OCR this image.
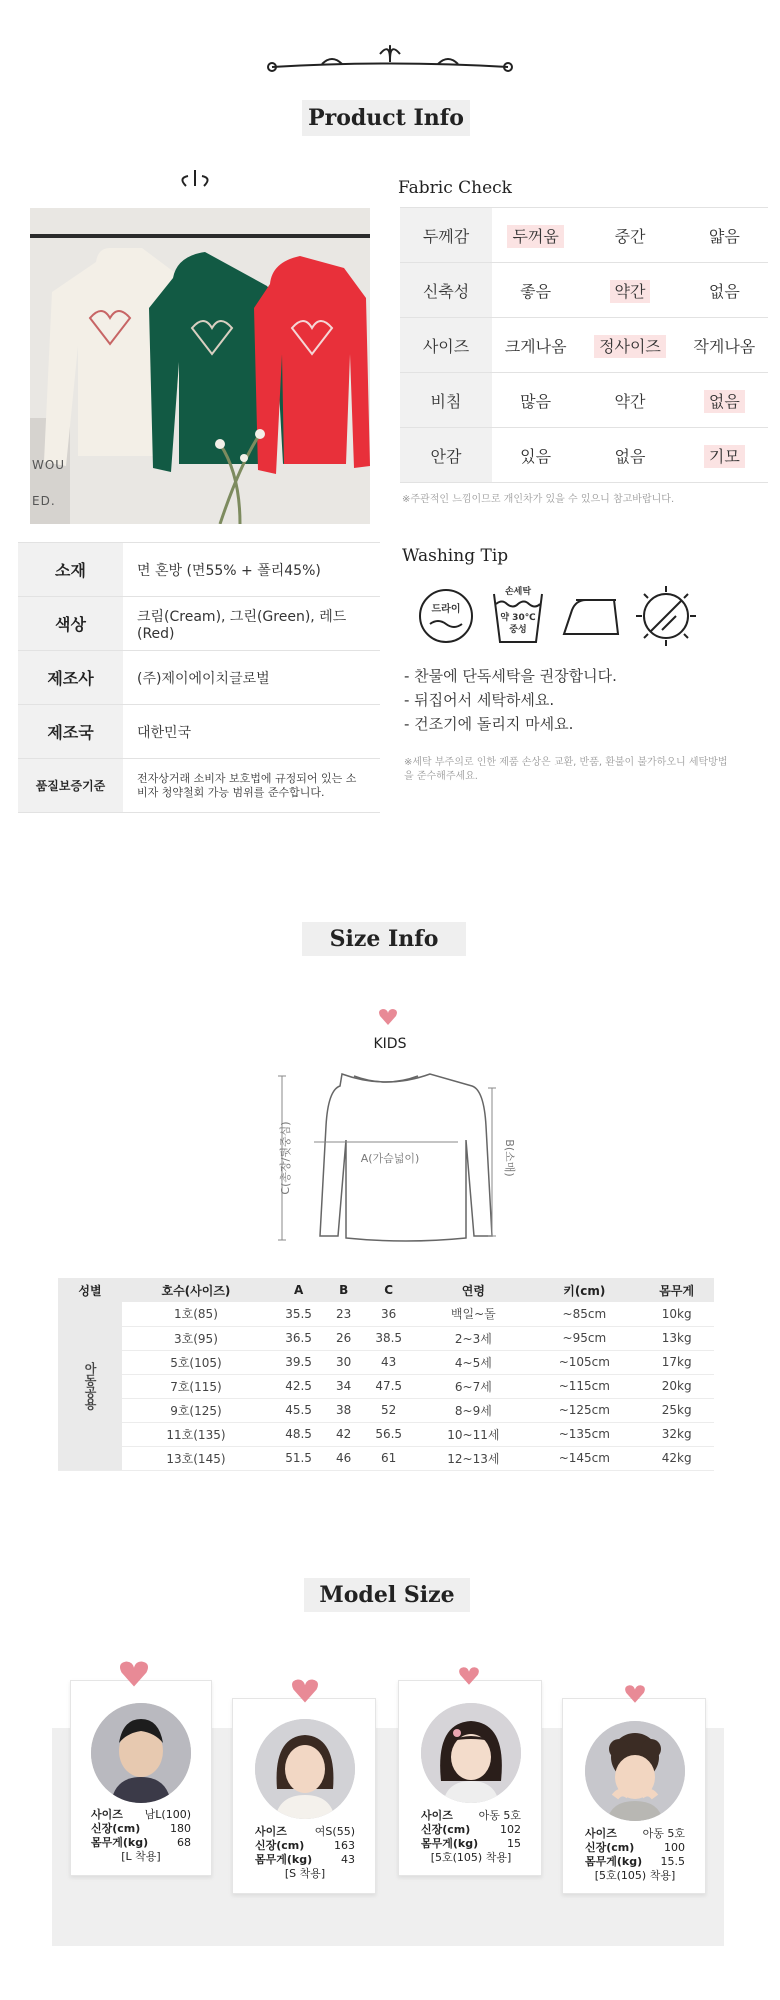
Product Info
WOU
ED.
Fabric Check
두께감	두꺼움	중간	얇음
신축성	좋음	약간	없음
사이즈	크게나옴	정사이즈	작게나옴
비침	많음	약간	없음
안감	있음	없음	기모
※주관적인 느낌이므로 개인차가 있을 수 있으니 참고바랍니다.
소재	면 혼방 (면55% + 폴리45%)
색상	크림(Cream), 그린(Green), 레드(Red)
제조사	(주)제이에이치글로벌
제조국	대한민국
품질보증기준	전자상거래 소비자 보호법에 규정되어 있는 소비자 청약철회 가능 범위를 준수합니다.
Washing Tip
드라이
손세탁
약 30℃
중성
- 찬물에 단독세탁을 권장합니다.
- 뒤집어서 세탁하세요.
- 건조기에 돌리지 마세요.
※세탁 부주의로 인한 제품 손상은 교환, 반품, 환불이 불가하오니 세탁방법을 준수해주세요.
Size Info
KIDS
A(가슴넓이)
C(총장/뒷중심)	B(소매)
성별	호수(사이즈)	A	B	C	연령	키(cm)	몸무게
아동공용	1호(85)	35.5	23	36	백일~돌	~85cm	10kg
	3호(95)	36.5	26	38.5	2~3세	~95cm	13kg
	5호(105)	39.5	30	43	4~5세	~105cm	17kg
	7호(115)	42.5	34	47.5	6~7세	~115cm	20kg
	9호(125)	45.5	38	52	8~9세	~125cm	25kg
	11호(135)	48.5	42	56.5	10~11세	~135cm	32kg
	13호(145)	51.5	46	61	12~13세	~145cm	42kg
Model Size
사이즈 남L(100)
신장(cm)	180
몸무게(kg)	68
[L 착용]
사이즈	여S(55)
신장(cm)	163
몸무게(kg)	43
[S 착용]
사이즈 아동 5호
신장(cm)	102
몸무게(kg)	15
[5호(105) 착용]
사이즈 아동 5호
신장(cm)	100
몸무게(kg) 15.5
[5호(105) 착용]
